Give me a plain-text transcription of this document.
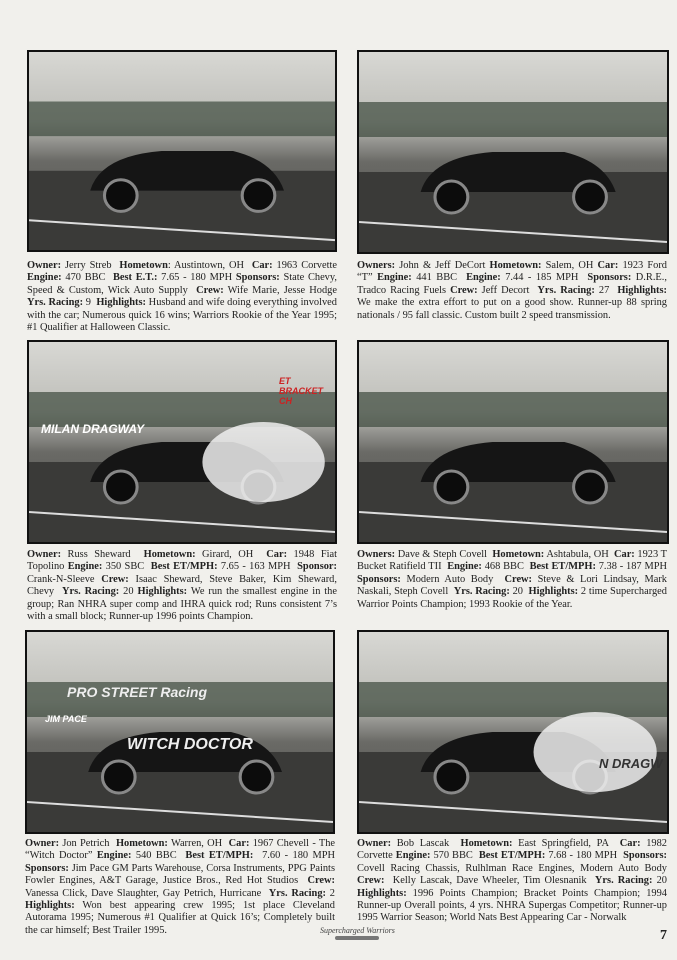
Owner: Jerry Streb  Hometown: Austintown, OH  Car: 1963 Corvette Engine: 470 BBC  Best E.T.: 7.65 - 180 MPH Sponsors: State Chevy, Speed & Custom, Wick Auto Supply  Crew: Wife Marie, Jesse Hodge  Yrs. Racing: 9  Highlights: Husband and wife doing everything involved with the car; Numerous quick 16 wins; Warriors Rookie of the Year 1995; #1 Qualifier at Halloween Classic.
Owners: John & Jeff DeCort Hometown: Salem, OH Car: 1923 Ford “T” Engine: 441 BBC  Engine: 7.44 - 185 MPH  Sponsors: D.R.E., Tradco Racing Fuels Crew: Jeff Decort  Yrs. Racing: 27  Highlights: We make the extra effort to put on a good show. Runner-up 88 spring nationals / 95 fall classic. Custom built 2 speed transmission.
MILAN DRAGWAY
ET BRACKET CH
Owner: Russ Sheward  Hometown: Girard, OH  Car: 1948 Fiat Topolino Engine: 350 SBC  Best ET/MPH: 7.65 - 163 MPH  Sponsor: Crank-N-Sleeve Crew: Isaac Sheward, Steve Baker, Kim Sheward, Chevy  Yrs. Racing: 20 Highlights: We run the smallest engine in the group; Ran NHRA super comp and IHRA quick rod; Runs consistent 7’s with a small block; Runner-up 1996 points Champion.
Owners: Dave & Steph Covell  Hometown: Ashtabula, OH  Car: 1923 T Bucket Ratifield TII  Engine: 468 BBC  Best ET/MPH: 7.38 - 187 MPH Sponsors: Modern Auto Body  Crew: Steve & Lori Lindsay, Mark Naskali, Steph Covell  Yrs. Racing: 20  Highlights: 2 time Supercharged Warrior Points Champion; 1993 Rookie of the Year.
PRO STREET Racing
JIM PACE
WITCH DOCTOR
Owner: Jon Petrich  Hometown: Warren, OH  Car: 1967 Chevell - The “Witch Doctor” Engine: 540 BBC  Best ET/MPH:  7.60 - 180 MPH  Sponsors: Jim Pace GM Parts Warehouse, Corsa Instruments, PPG Paints Fowler Engines, A&T Garage, Justice Bros., Red Hot Studios  Crew: Vanessa Click, Dave Slaughter, Gay Petrich, Hurricane  Yrs. Racing: 2  Highlights: Won best appearing crew 1995; 1st place Cleveland Autorama 1995; Numerous #1 Qualifier at Quick 16’s; Completely built the car himself; Best Trailer 1995.
N DRAGW
Owner: Bob Lascak  Hometown: East Springfield, PA  Car: 1982 Corvette Engine: 570 BBC  Best ET/MPH: 7.68 - 180 MPH  Sponsors: Covell Racing Chassis, Rulhlman Race Engines, Modern Auto Body  Crew:  Kelly Lascak, Dave Wheeler, Tim Olesnanik  Yrs. Racing: 20  Highlights: 1996 Points Champion; Bracket Points Champion; 1994 Runner-up Overall points, 4 yrs. NHRA Supergas Competitor; Runner-up 1995 Warrior Season; World Nats Best Appearing Car - Norwalk
Supercharged Warriors	7
